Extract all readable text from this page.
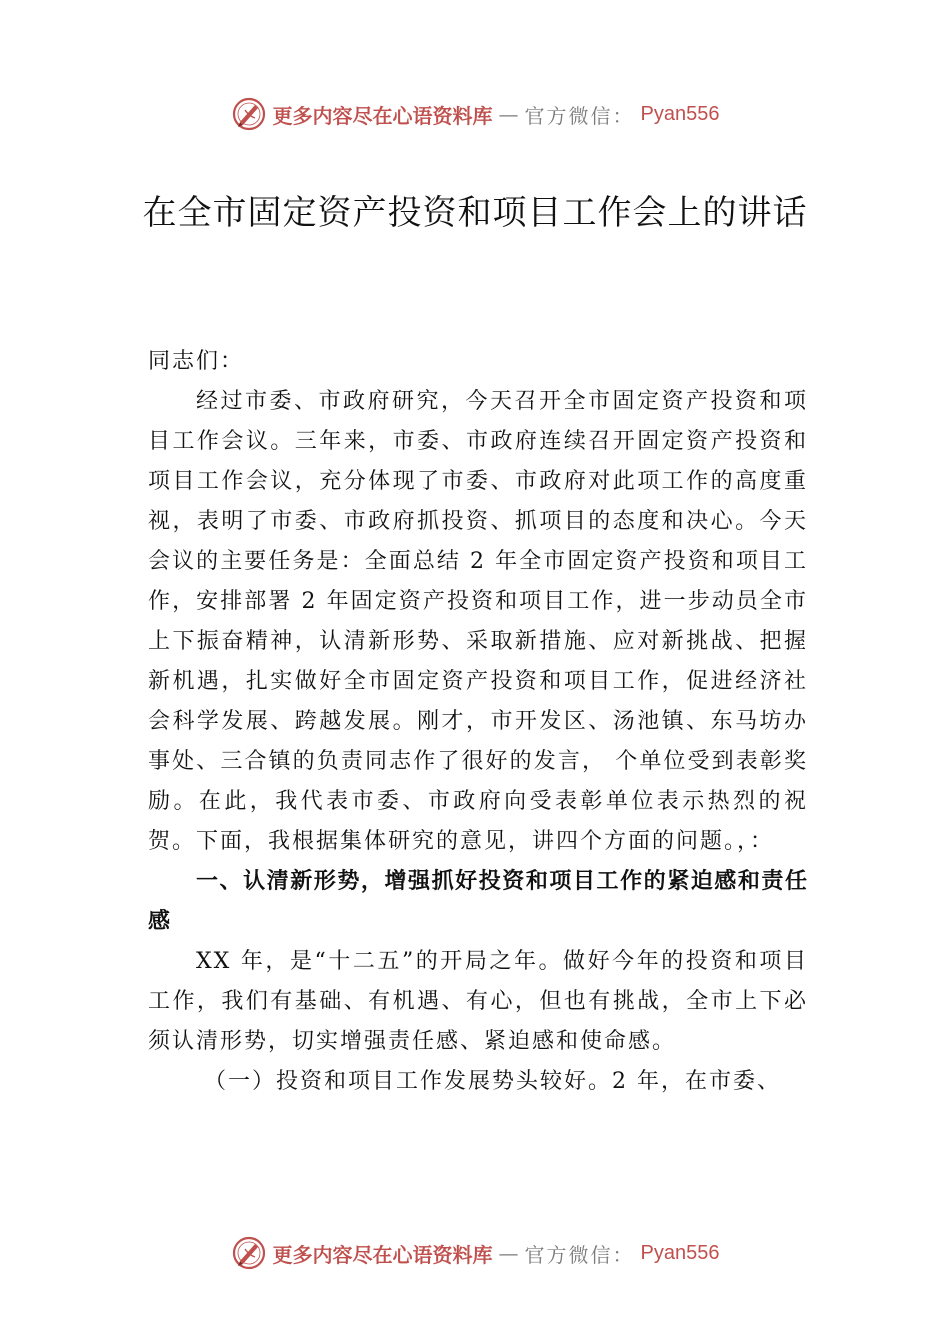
更多内容尽在心语资料库 — 官方微信： Pyan556
在全市固定资产投资和项目工作会上的讲话

同志们：

经过市委、市政府研究，今天召开全市固定资产投资和项目工作会议。三年来，市委、市政府连续召开固定资产投资和项目工作会议，充分体现了市委、市政府对此项工作的高度重视，表明了市委、市政府抓投资、抓项目的态度和决心。今天会议的主要任务是：全面总结 2 年全市固定资产投资和项目工作，安排部署 2 年固定资产投资和项目工作，进一步动员全市上下振奋精神，认清新形势、采取新措施、应对新挑战、把握新机遇，扎实做好全市固定资产投资和项目工作，促进经济社会科学发展、跨越发展。刚才，市开发区、汤池镇、东马坊办事处、三合镇的负责同志作了很好的发言， 个单位受到表彰奖励。在此，我代表市委、市政府向受表彰单位表示热烈的祝贺。下面，我根据集体研究的意见，讲四个方面的问题。，：

一、认清新形势，增强抓好投资和项目工作的紧迫感和责任感

XX 年，是“十二五”的开局之年。做好今年的投资和项目工作，我们有基础、有机遇、有心，但也有挑战，全市上下必须认清形势，切实增强责任感、紧迫感和使命感。

（一）投资和项目工作发展势头较好。2 年，在市委、

更多内容尽在心语资料库 — 官方微信： Pyan556
